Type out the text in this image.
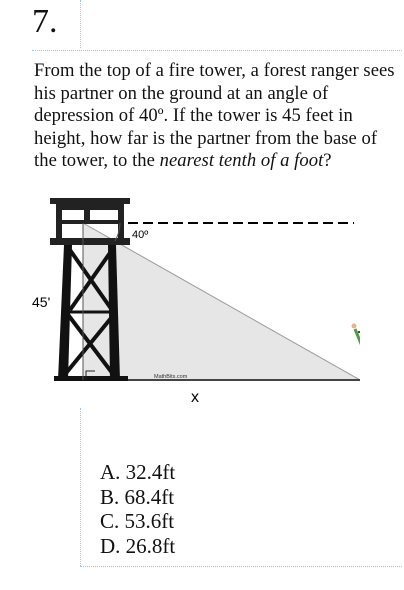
7.
From the top of a fire tower, a forest ranger sees his partner on the ground at an angle of depression of 40º. If the tower is 45 feet in height, how far is the partner from the base of the tower, to the nearest tenth of a foot?
40º
45'
MathBits.com
x
A. 32.4ft
B. 68.4ft
C. 53.6ft
D. 26.8ft
